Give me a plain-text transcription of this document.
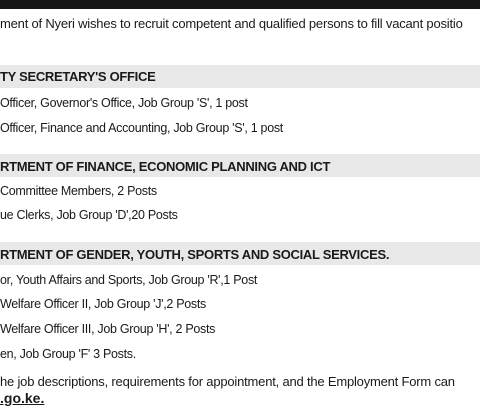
ment of Nyeri wishes to recruit competent and qualified persons to fill vacant positio
TY SECRETARY'S OFFICE
Officer, Governor's Office, Job Group 'S', 1 post
Officer, Finance and Accounting, Job Group 'S', 1 post
RTMENT OF FINANCE, ECONOMIC PLANNING AND ICT
Committee Members, 2 Posts
ue Clerks, Job Group 'D',20 Posts
RTMENT OF GENDER, YOUTH, SPORTS AND SOCIAL SERVICES.
or, Youth Affairs and Sports, Job Group 'R',1 Post
Welfare Officer II, Job Group 'J',2 Posts
Welfare Officer III, Job Group 'H', 2 Posts
en, Job Group 'F' 3 Posts.
he job descriptions, requirements for appointment, and the Employment Form can
.go.ke.
